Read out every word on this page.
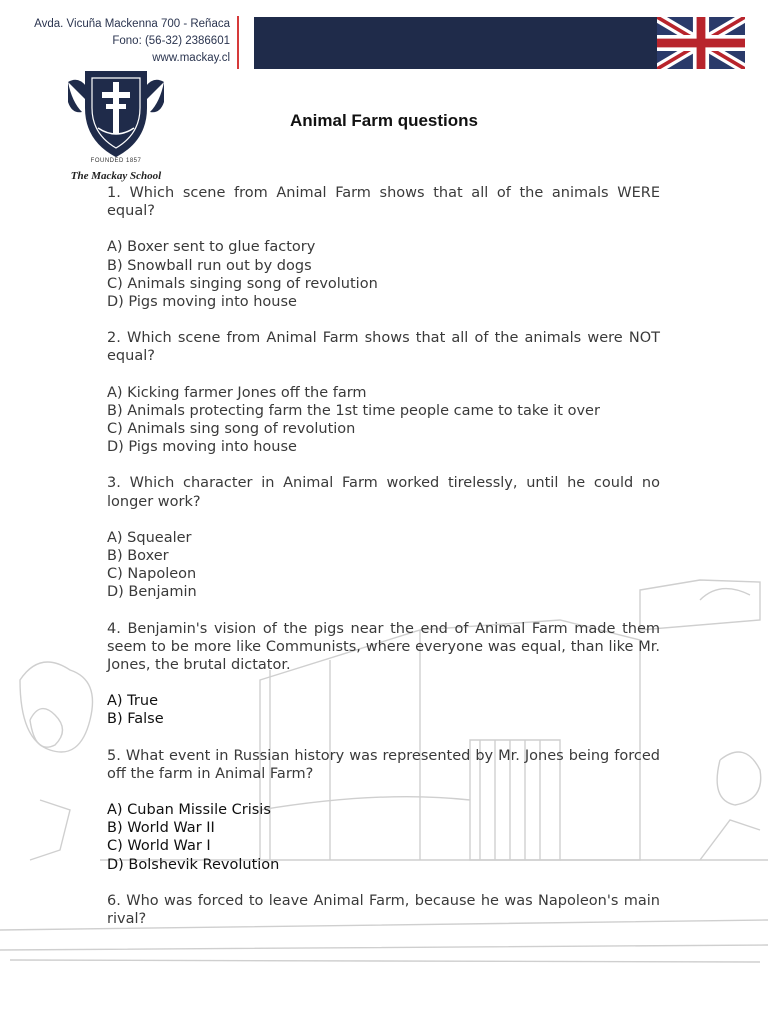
Avda. Vicuña Mackenna 700 - Reñaca
Fono: (56-32) 2386601
www.mackay.cl
FOUNDED 1857
The Mackay School
Animal Farm questions
1. Which scene from Animal Farm shows that all of the animals WERE equal?
A) Boxer sent to glue factory
B) Snowball run out by dogs
C) Animals singing song of revolution
D) Pigs moving into house
2. Which scene from Animal Farm shows that all of the animals were NOT equal?
A) Kicking farmer Jones off the farm
B) Animals protecting farm the 1st time people came to take it over
C) Animals sing song of revolution
D) Pigs moving into house
3. Which character in Animal Farm worked tirelessly, until he could no longer work?
A) Squealer
B) Boxer
C) Napoleon
D) Benjamin
4. Benjamin's vision of the pigs near the end of Animal Farm made them seem to be more like Communists, where everyone was equal, than like Mr. Jones, the brutal dictator.
A) True
B) False
5. What event in Russian history was represented by Mr. Jones being forced off the farm in Animal Farm?
A) Cuban Missile Crisis
B) World War II
C) World War I
D) Bolshevik Revolution
6. Who was forced to leave Animal Farm, because he was Napoleon's main rival?
